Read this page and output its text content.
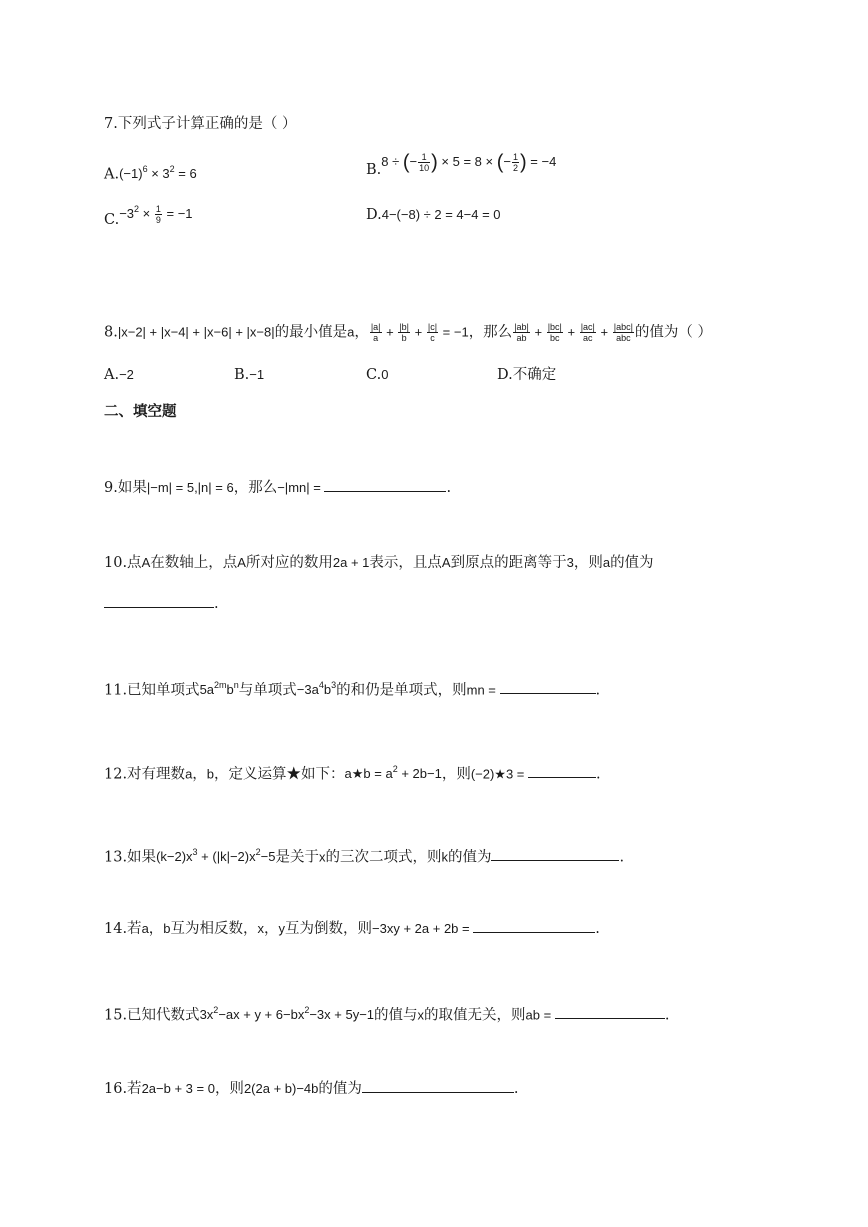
7.下列式子计算正确的是（ ）
$A.(-1)^6 \times 3^2 = 6$	B.8 ÷ (− $\frac{1}{10}$ ) × 5 = 8 × (− $\frac{1}{2}$ ) = −4
$C.-3^2 \times \frac{1}{9} = -1$	D.4−(−8) ÷ 2 = 4−4 = 0
8.|x−2| + |x−4| + |x−6| + |x−8|的最小值是a， $\frac{|a|}{a} + \frac{|b|}{b} + \frac{|c|}{c} = -1$，那么 $\frac{|ab|}{ab} + \frac{|bc|}{bc} + \frac{|ac|}{ac} + \frac{\text{|abc|}}{\text{abc}}$ 的值为（ ）
A.−2	B.−1	C.0	D.不确定
二、填空题
9.如果|−m| = 5,|n| = 6，那么−|mn| =	.
10.点A在数轴上，点A所对应的数用2a + 1表示，且点A到原点的距离等于3，则a的值为
.
11.已知单项式$5a^{2m}b^n$与单项式$-3a^4b^3$的和仍是单项式，则mn =	.
12.对有理数a，b，定义运算★如下：a★b = $a^2 + 2b-1$，则(−2)★3 =	.
13.如果$(k-2)x^3 + (|k|-2)x^2-5$是关于x的三次二项式，则k的值为	.
14.若a，b互为相反数，x，y互为倒数，则−3xy + 2a + 2b =	.
15.已知代数式$3x^2-ax + y + 6-bx^2-3x + 5y-1$的值与x的取值无关，则ab =	.
16.若2a−b + 3 = 0，则2(2a + b)−4b的值为	.
